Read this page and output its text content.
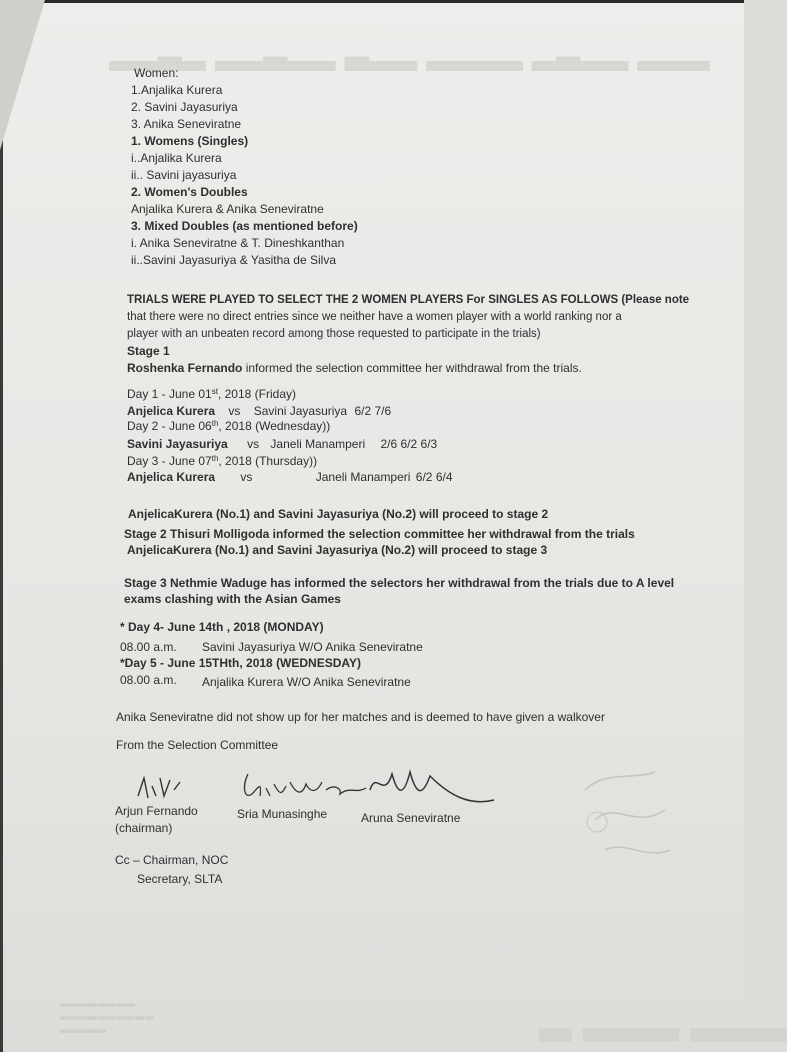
▂▂▃▂ ▂▂▃▂▂ ▃▂▂ ▂▂▂▂ ▂▃▂▂ ▂▂▂
▂ ▂▂▂ ▂▂▂
▂▂▂▂▂▂▂▂
▂▂▂▂▂▂▂▂▂▂
▂▂▂▂▂
Women:
1.Anjalika Kurera
2. Savini Jayasuriya
3. Anika Seneviratne
1. Womens (Singles)
i..Anjalika Kurera
ii.. Savini jayasuriya
2. Women's Doubles
Anjalika Kurera & Anika Seneviratne
3. Mixed Doubles (as mentioned before)
i. Anika Seneviratne & T. Dineshkanthan
ii..Savini Jayasuriya & Yasitha de Silva
TRIALS WERE PLAYED TO SELECT THE 2 WOMEN PLAYERS For SINGLES AS FOLLOWS (Please note
that there were no direct entries since we neither have a women player with a world ranking nor a
player with an unbeaten record among those requested to participate in the trials)
Stage 1
Roshenka Fernando informed the selection committee her withdrawal from the trials.
Day 1 - June 01st, 2018 (Friday)
Anjelica Kurera vs Savini Jayasuriya 6/2 7/6
Day 2 - June 06th, 2018 (Wednesday))
Savini Jayasuriya vs Janeli Manamperi 2/6 6/2 6/3
Day 3 - June 07th, 2018 (Thursday))
Anjelica Kurera vs	Janeli Manamperi 6/2 6/4
AnjelicaKurera (No.1) and Savini Jayasuriya (No.2) will proceed to stage 2
Stage 2 Thisuri Molligoda informed the selection committee her withdrawal from the trials
AnjelicaKurera (No.1) and Savini Jayasuriya (No.2) will proceed to stage 3
Stage 3 Nethmie Waduge has informed the selectors her withdrawal from the trials due to A level
exams clashing with the Asian Games
* Day 4- June 14th , 2018 (MONDAY)
08.00 a.m. Savini Jayasuriya W/O Anika Seneviratne
*Day 5 - June 15THth, 2018 (WEDNESDAY)
08.00 a.m. Anjalika Kurera W/O Anika Seneviratne
Anika Seneviratne did not show up for her matches and is deemed to have given a walkover
From the Selection Committee
Arjun Fernando
(chairman)
Sria Munasinghe	Aruna Seneviratne
Cc – Chairman, NOC
Secretary, SLTA
